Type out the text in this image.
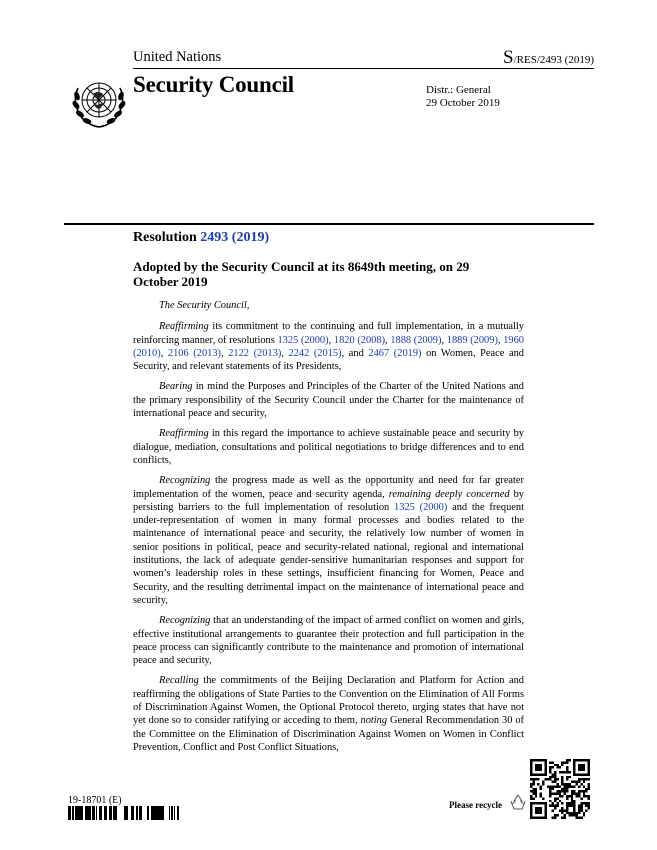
United Nations	S/RES/2493 (2019)
Security Council	Distr.: General
29 October 2019
Resolution 2493 (2019)
Adopted by the Security Council at its 8649th meeting, on 29 October 2019

The Security Council,

Reaffirming its commitment to the continuing and full implementation, in a mutually reinforcing manner, of resolutions 1325 (2000), 1820 (2008), 1888 (2009), 1889 (2009), 1960 (2010), 2106 (2013), 2122 (2013), 2242 (2015), and 2467 (2019) on Women, Peace and Security, and relevant statements of its Presidents,

Bearing in mind the Purposes and Principles of the Charter of the United Nations and the primary responsibility of the Security Council under the Charter for the maintenance of international peace and security,

Reaffirming in this regard the importance to achieve sustainable peace and security by dialogue, mediation, consultations and political negotiations to bridge differences and to end conflicts,

Recognizing the progress made as well as the opportunity and need for far greater implementation of the women, peace and security agenda, remaining deeply concerned by persisting barriers to the full implementation of resolution 1325 (2000) and the frequent under-representation of women in many formal processes and bodies related to the maintenance of international peace and security, the relatively low number of women in senior positions in political, peace and security-related national, regional and international institutions, the lack of adequate gender-sensitive humanitarian responses and support for women’s leadership roles in these settings, insufficient financing for Women, Peace and Security, and the resulting detrimental impact on the maintenance of international peace and security,

Recognizing that an understanding of the impact of armed conflict on women and girls, effective institutional arrangements to guarantee their protection and full participation in the peace process can significantly contribute to the maintenance and promotion of international peace and security,

Recalling the commitments of the Beijing Declaration and Platform for Action and reaffirming the obligations of State Parties to the Convention on the Elimination of All Forms of Discrimination Against Women, the Optional Protocol thereto, urging states that have not yet done so to consider ratifying or acceding to them, noting General Recommendation 30 of the Committee on the Elimination of Discrimination Against Women on Women in Conflict Prevention, Conflict and Post Conflict Situations,

19-18701 (E)	Please recycle
